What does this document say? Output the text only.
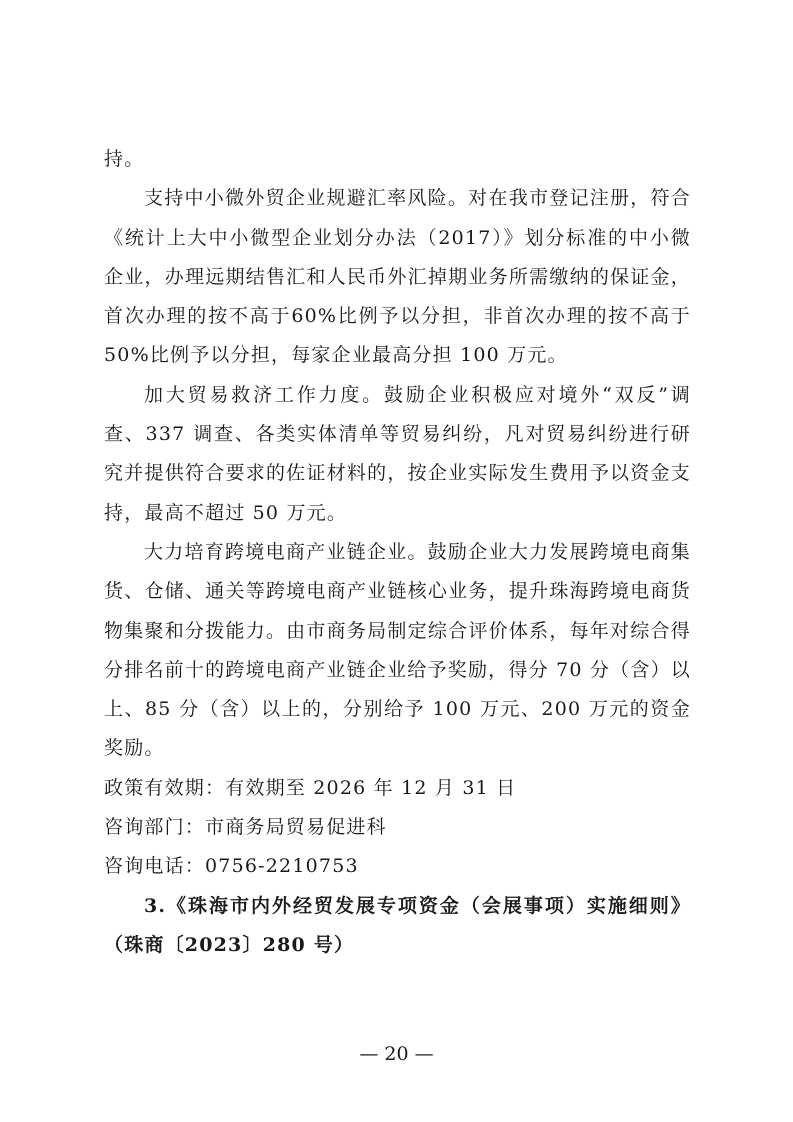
持。

支持中小微外贸企业规避汇率风险。对在我市登记注册，符合《统计上大中小微型企业划分办法（2017）》划分标准的中小微企业，办理远期结售汇和人民币外汇掉期业务所需缴纳的保证金，首次办理的按不高于60%比例予以分担，非首次办理的按不高于 50%比例予以分担，每家企业最高分担 100 万元。

加大贸易救济工作力度。鼓励企业积极应对境外“双反”调查、337 调查、各类实体清单等贸易纠纷，凡对贸易纠纷进行研究并提供符合要求的佐证材料的，按企业实际发生费用予以资金支持，最高不超过 50 万元。

大力培育跨境电商产业链企业。鼓励企业大力发展跨境电商集货、仓储、通关等跨境电商产业链核心业务，提升珠海跨境电商货物集聚和分拨能力。由市商务局制定综合评价体系，每年对综合得分排名前十的跨境电商产业链企业给予奖励，得分 70 分（含）以上、85 分（含）以上的，分别给予 100 万元、200 万元的资金奖励。

政策有效期：有效期至 2026 年 12 月 31 日

咨询部门：市商务局贸易促进科

咨询电话：0756-2210753

3.《珠海市内外经贸发展专项资金（会展事项）实施细则》（珠商〔2023〕280 号）

— 20 —
